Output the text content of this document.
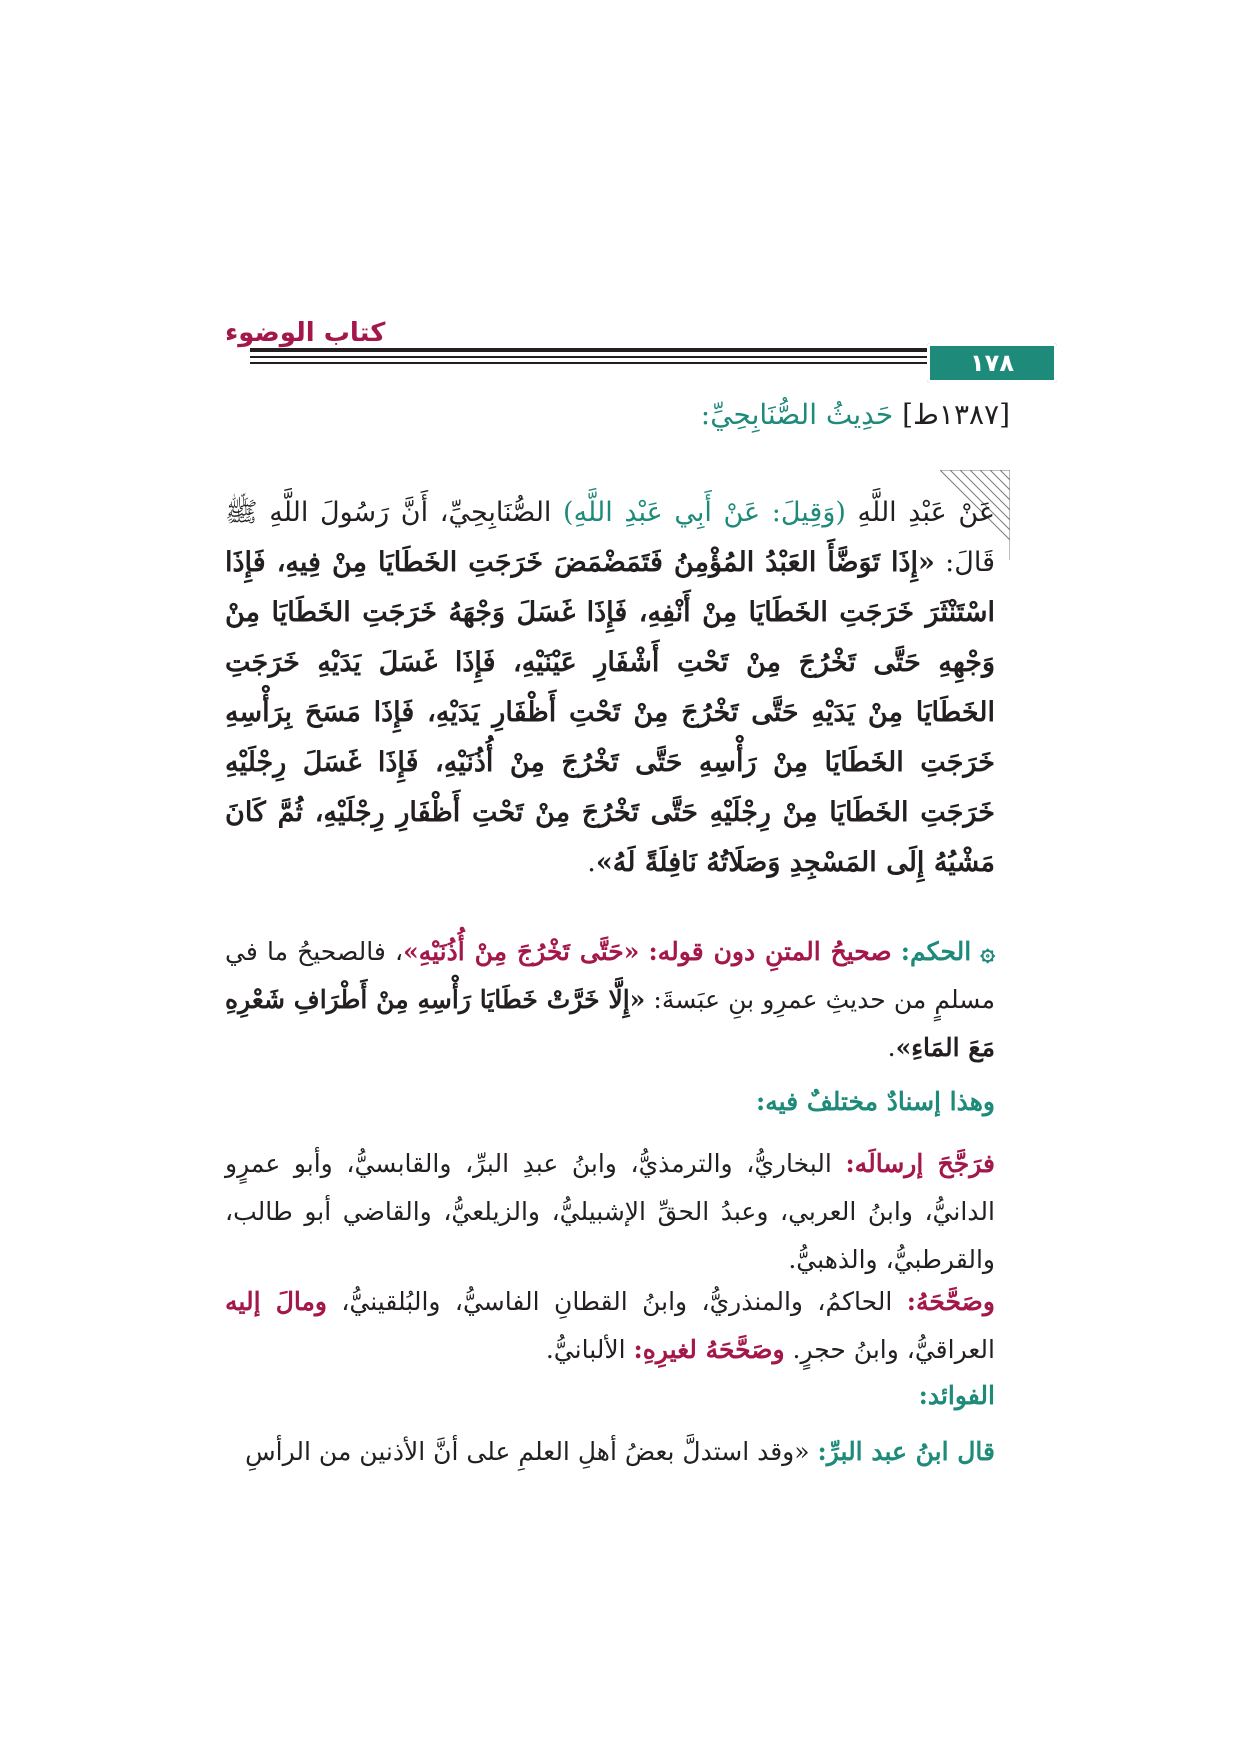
كتاب الوضوء
١٧٨
[١٣٨٧ط] حَدِيثُ الصُّنَابِحِيِّ:
عَنْ عَبْدِ اللَّهِ (وَقِيلَ: عَنْ أَبِي عَبْدِ اللَّهِ) الصُّنَابِحِيِّ، أَنَّ رَسُولَ اللَّهِ ﷺ قَالَ: «إِذَا تَوَضَّأَ العَبْدُ المُؤْمِنُ فَتَمَضْمَضَ خَرَجَتِ الخَطَايَا مِنْ فِيهِ، فَإِذَا اسْتَنْثَرَ خَرَجَتِ الخَطَايَا مِنْ أَنْفِهِ، فَإِذَا غَسَلَ وَجْهَهُ خَرَجَتِ الخَطَايَا مِنْ وَجْهِهِ حَتَّى تَخْرُجَ مِنْ تَحْتِ أَشْفَارِ عَيْنَيْهِ، فَإِذَا غَسَلَ يَدَيْهِ خَرَجَتِ الخَطَايَا مِنْ يَدَيْهِ حَتَّى تَخْرُجَ مِنْ تَحْتِ أَظْفَارِ يَدَيْهِ، فَإِذَا مَسَحَ بِرَأْسِهِ خَرَجَتِ الخَطَايَا مِنْ رَأْسِهِ حَتَّى تَخْرُجَ مِنْ أُذُنَيْهِ، فَإِذَا غَسَلَ رِجْلَيْهِ خَرَجَتِ الخَطَايَا مِنْ رِجْلَيْهِ حَتَّى تَخْرُجَ مِنْ تَحْتِ أَظْفَارِ رِجْلَيْهِ، ثُمَّ كَانَ مَشْيُهُ إِلَى المَسْجِدِ وَصَلَاتُهُ نَافِلَةً لَهُ».
۞ الحكم: صحيحُ المتنِ دون قوله: «حَتَّى تَخْرُجَ مِنْ أُذُنَيْهِ»، فالصحيحُ ما في مسلمٍ من حديثِ عمرِو بنِ عبَسةَ: «إِلَّا خَرَّتْ خَطَايَا رَأْسِهِ مِنْ أَطْرَافِ شَعْرِهِ مَعَ المَاءِ».
وهذا إسنادٌ مختلفٌ فيه:
فرَجَّحَ إرسالَه: البخاريُّ، والترمذيُّ، وابنُ عبدِ البرِّ، والقابسيُّ، وأبو عمرٍو الدانيُّ، وابنُ العربي، وعبدُ الحقِّ الإشبيليُّ، والزيلعيُّ، والقاضي أبو طالب، والقرطبيُّ، والذهبيُّ.
وصَحَّحَهُ: الحاكمُ، والمنذريُّ، وابنُ القطانِ الفاسيُّ، والبُلقينيُّ، ومالَ إليه العراقيُّ، وابنُ حجرٍ. وصَحَّحَهُ لغيرِهِ: الألبانيُّ.
الفوائد:
قال ابنُ عبد البرِّ: «وقد استدلَّ بعضُ أهلِ العلمِ على أنَّ الأذنين من الرأسِ
